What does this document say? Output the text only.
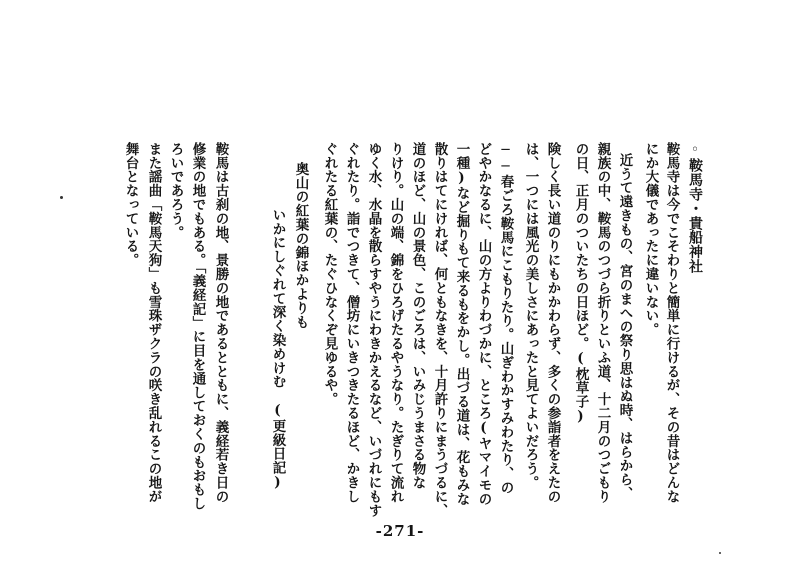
◦鞍馬寺・貴船神社
鞍馬寺は今でこそわりと簡単に行けるが、その昔はどんな
にか大儀であったに違いない。
近うて遠きもの、宮のまへの祭り思はぬ時、はらから、
親族の中、鞍馬のつづら折りといふ道、十二月のつごもり
の日、正月のついたちの日ほど。(枕草子)
険しく長い道のりにもかかわらず、多くの参詣者をえたの
は、一つには風光の美しさにあったと見てよいだろう。
──春ごろ鞍馬にこもりたり。山ぎわかすみわたり、の
どやかなるに、山の方よりわづかに、ところ(ヤマイモの
一種)など掘りもて来るもをかし。出づる道は、花もみな
散りはてにければ、何ともなきを、十月許りにまうづるに、
道のほど、山の景色、このごろは、いみじうまさる物な
りけり。山の端、錦をひろげたるやうなり。たぎりて流れ
ゆく水、水晶を散らすやうにわきかえるなど、いづれにもす
ぐれたり。詣でつきて、僧坊にいきつきたるほど、かきし
ぐれたる紅葉の、たぐひなくぞ見ゆるや。
奥山の紅葉の錦ほかよりも
いかにしぐれて深く染めけむ　(更級日記)
鞍馬は古刹の地、景勝の地であるとともに、義経若き日の
修業の地でもある。「義経記」に目を通しておくのもおもし
ろいであろう。
また謡曲「鞍馬天狗」も雪珠ザクラの咲き乱れるこの地が
舞台となっている。
-271-
